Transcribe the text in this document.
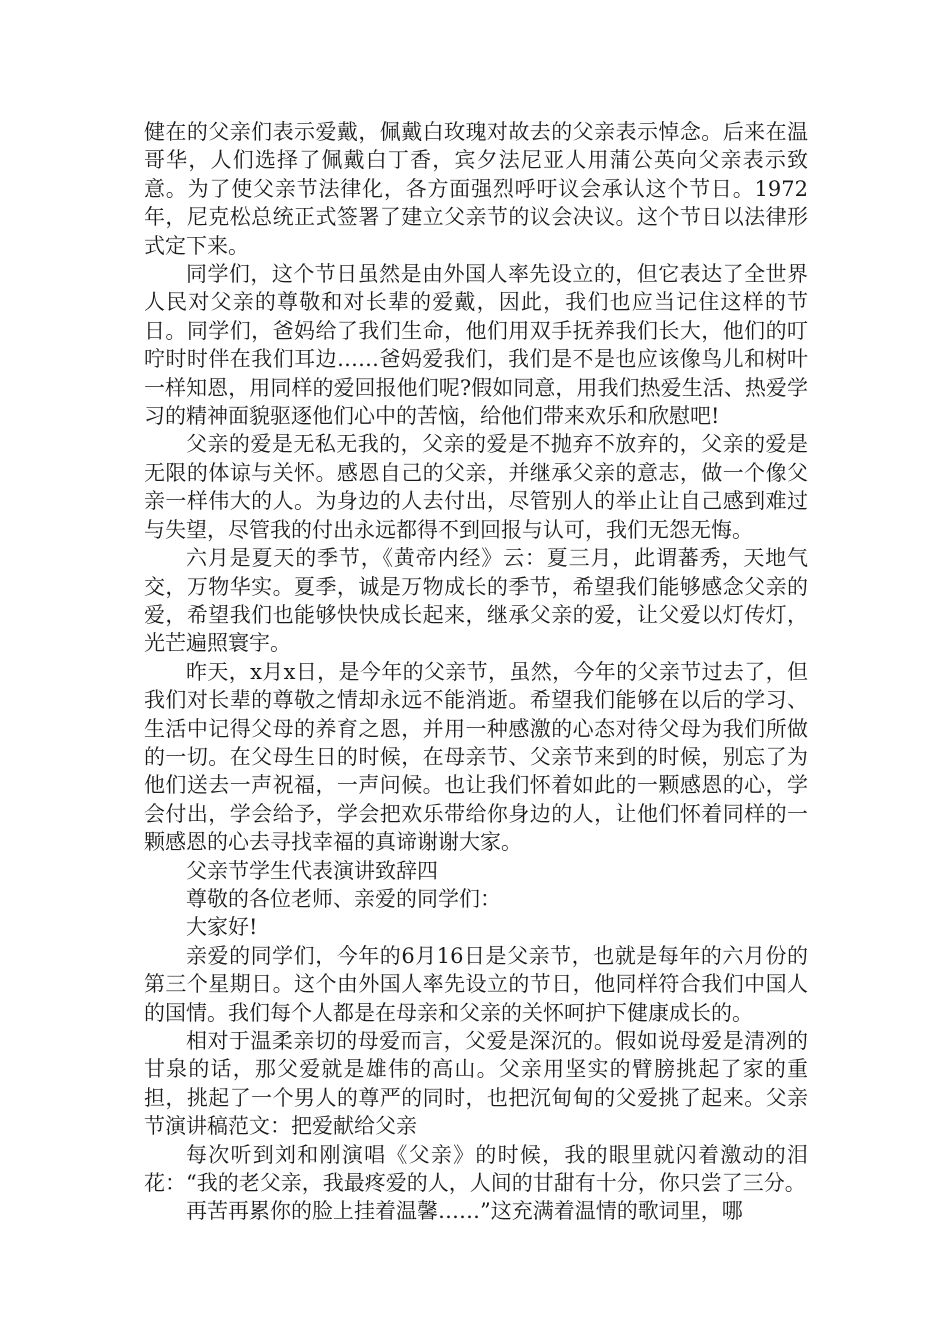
健在的父亲们表示爱戴，佩戴白玫瑰对故去的父亲表示悼念。后来在温哥华，人们选择了佩戴白丁香，宾夕法尼亚人用蒲公英向父亲表示致意。为了使父亲节法律化，各方面强烈呼吁议会承认这个节日。1972年，尼克松总统正式签署了建立父亲节的议会决议。这个节日以法律形式定下来。

同学们，这个节日虽然是由外国人率先设立的，但它表达了全世界人民对父亲的尊敬和对长辈的爱戴，因此，我们也应当记住这样的节日。同学们，爸妈给了我们生命，他们用双手抚养我们长大，他们的叮咛时时伴在我们耳边……爸妈爱我们，我们是不是也应该像鸟儿和树叶一样知恩，用同样的爱回报他们呢?假如同意，用我们热爱生活、热爱学习的精神面貌驱逐他们心中的苦恼，给他们带来欢乐和欣慰吧!

父亲的爱是无私无我的，父亲的爱是不抛弃不放弃的，父亲的爱是无限的体谅与关怀。感恩自己的父亲，并继承父亲的意志，做一个像父亲一样伟大的人。为身边的人去付出，尽管别人的举止让自己感到难过与失望，尽管我的付出永远都得不到回报与认可，我们无怨无悔。

六月是夏天的季节，《黄帝内经》云：夏三月，此谓蕃秀，天地气交，万物华实。夏季，诚是万物成长的季节，希望我们能够感念父亲的爱，希望我们也能够快快成长起来，继承父亲的爱，让父爱以灯传灯，光芒遍照寰宇。

昨天，x月x日，是今年的父亲节，虽然，今年的父亲节过去了，但我们对长辈的尊敬之情却永远不能消逝。希望我们能够在以后的学习、生活中记得父母的养育之恩，并用一种感激的心态对待父母为我们所做的一切。在父母生日的时候，在母亲节、父亲节来到的时候，别忘了为他们送去一声祝福，一声问候。也让我们怀着如此的一颗感恩的心，学会付出，学会给予，学会把欢乐带给你身边的人，让他们怀着同样的一颗感恩的心去寻找幸福的真谛谢谢大家。

父亲节学生代表演讲致辞四

尊敬的各位老师、亲爱的同学们：

大家好!

亲爱的同学们，今年的6月16日是父亲节，也就是每年的六月份的第三个星期日。这个由外国人率先设立的节日，他同样符合我们中国人的国情。我们每个人都是在母亲和父亲的关怀呵护下健康成长的。

相对于温柔亲切的母爱而言，父爱是深沉的。假如说母爱是清冽的甘泉的话，那父爱就是雄伟的高山。父亲用坚实的臂膀挑起了家的重担，挑起了一个男人的尊严的同时，也把沉甸甸的父爱挑了起来。父亲节演讲稿范文：把爱献给父亲

每次听到刘和刚演唱《父亲》的时候，我的眼里就闪着激动的泪花：“我的老父亲，我最疼爱的人，人间的甘甜有十分，你只尝了三分。

再苦再累你的脸上挂着温馨……”这充满着温情的歌词里，哪
